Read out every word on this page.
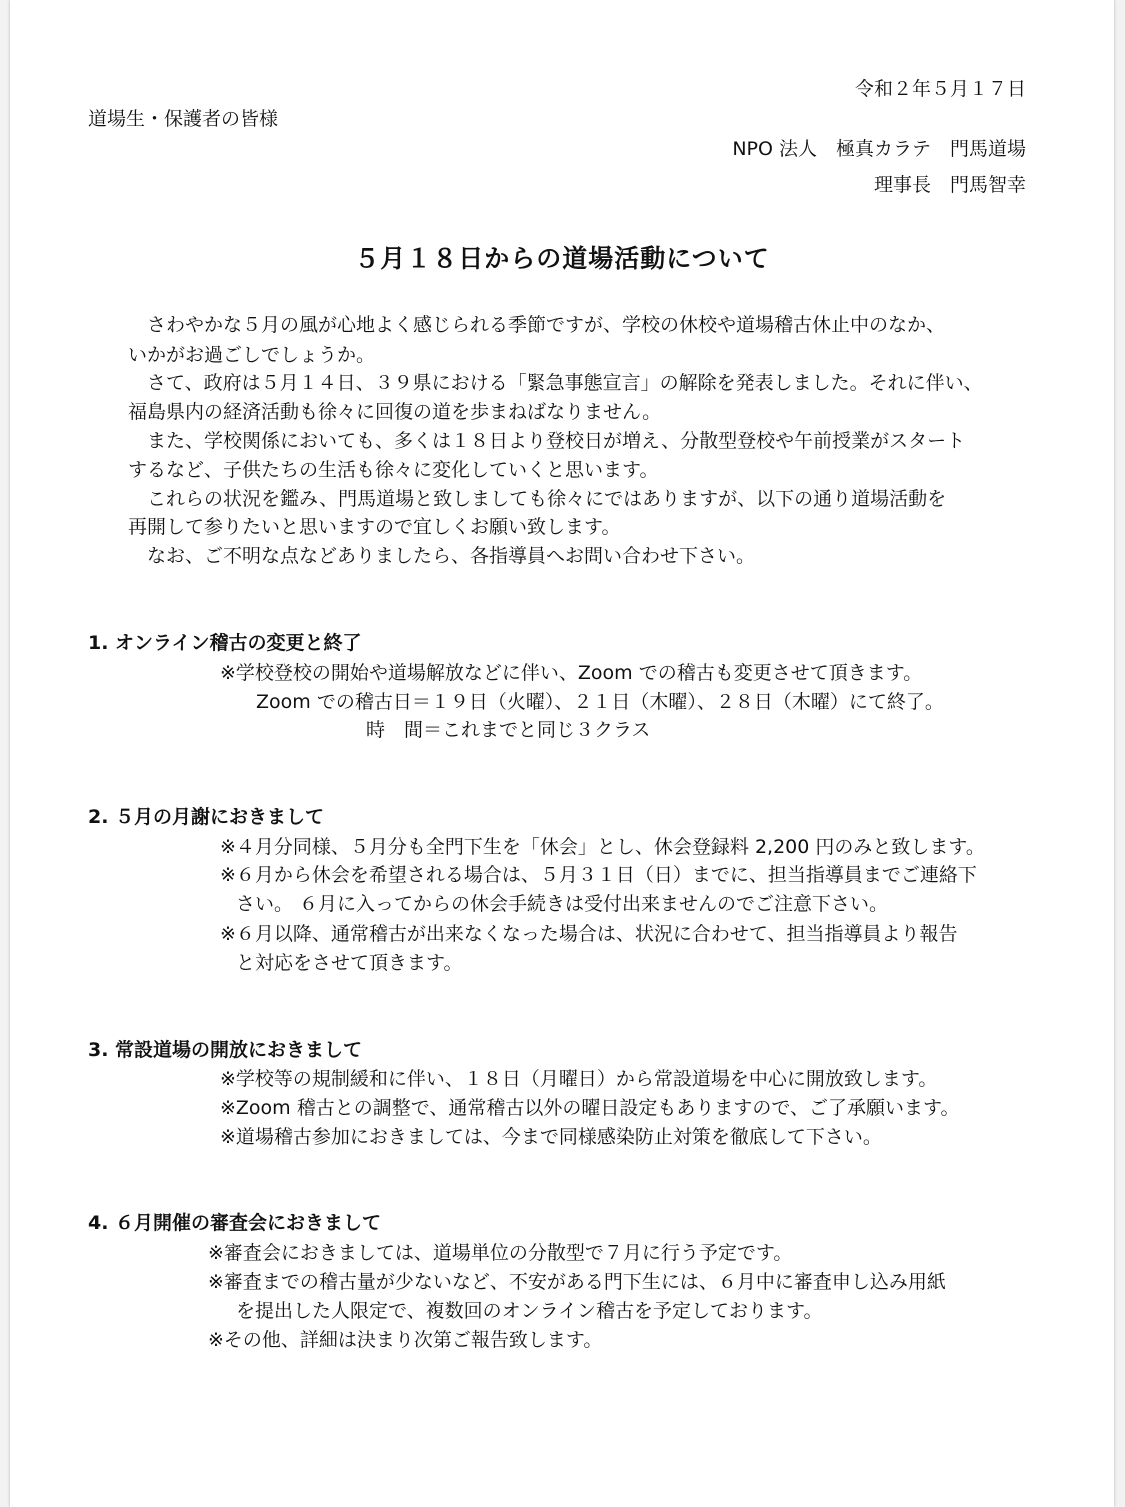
令和２年５月１７日
道場生・保護者の皆様
NPO 法人　極真カラテ　門馬道場
理事長　門馬智幸
５月１８日からの道場活動について
　さわやかな５月の風が心地よく感じられる季節ですが、学校の休校や道場稽古休止中のなか、
いかがお過ごしでしょうか。
　さて、政府は５月１４日、３９県における「緊急事態宣言」の解除を発表しました。それに伴い、
福島県内の経済活動も徐々に回復の道を歩まねばなりません。
　また、学校関係においても、多くは１８日より登校日が増え、分散型登校や午前授業がスタート
するなど、子供たちの生活も徐々に変化していくと思います。
　これらの状況を鑑み、門馬道場と致しましても徐々にではありますが、以下の通り道場活動を
再開して参りたいと思いますので宜しくお願い致します。
　なお、ご不明な点などありましたら、各指導員へお問い合わせ下さい。
1. オンライン稽古の変更と終了
※学校登校の開始や道場解放などに伴い、Zoom での稽古も変更させて頂きます。
Zoom での稽古日＝１９日（火曜）、２１日（木曜）、２８日（木曜）にて終了。
時　間＝これまでと同じ３クラス
2. ５月の月謝におきまして
※４月分同様、５月分も全門下生を「休会」とし、休会登録料 2,200 円のみと致します。
※６月から休会を希望される場合は、５月３１日（日）までに、担当指導員までご連絡下
さい。 ６月に入ってからの休会手続きは受付出来ませんのでご注意下さい。
※６月以降、通常稽古が出来なくなった場合は、状況に合わせて、担当指導員より報告
と対応をさせて頂きます。
3. 常設道場の開放におきまして
※学校等の規制緩和に伴い、１８日（月曜日）から常設道場を中心に開放致します。
※Zoom 稽古との調整で、通常稽古以外の曜日設定もありますので、ご了承願います。
※道場稽古参加におきましては、今まで同様感染防止対策を徹底して下さい。
4. ６月開催の審査会におきまして
※審査会におきましては、道場単位の分散型で７月に行う予定です。
※審査までの稽古量が少ないなど、不安がある門下生には、６月中に審査申し込み用紙
を提出した人限定で、複数回のオンライン稽古を予定しております。
※その他、詳細は決まり次第ご報告致します。
